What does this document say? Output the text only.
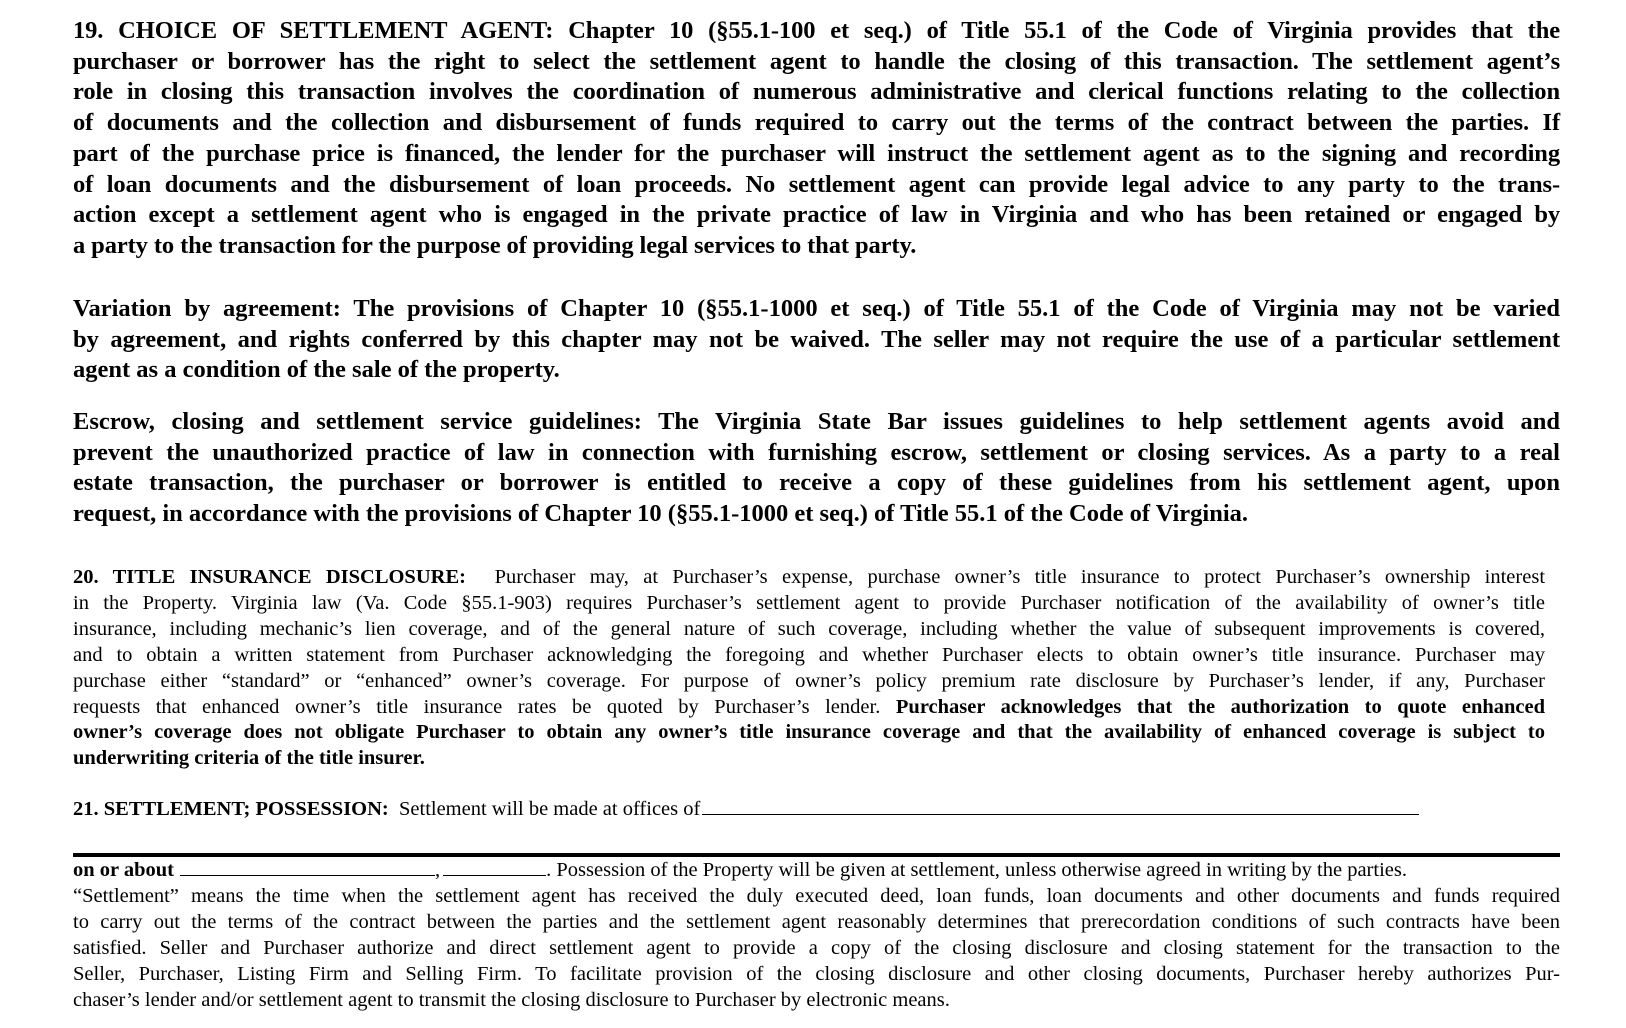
19. CHOICE OF SETTLEMENT AGENT: Chapter 10 (§55.1-100 et seq.) of Title 55.1 of the Code of Virginia provides that the
purchaser or borrower has the right to select the settlement agent to handle the closing of this transaction. The settlement agent’s
role in closing this transaction involves the coordination of numerous administrative and clerical functions relating to the collection
of documents and the collection and disbursement of funds required to carry out the terms of the contract between the parties. If
part of the purchase price is financed, the lender for the purchaser will instruct the settlement agent as to the signing and recording
of loan documents and the disbursement of loan proceeds. No settlement agent can provide legal advice to any party to the trans-
action except a settlement agent who is engaged in the private practice of law in Virginia and who has been retained or engaged by
a party to the transaction for the purpose of providing legal services to that party.
Variation by agreement: The provisions of Chapter 10 (§55.1-1000 et seq.) of Title 55.1 of the Code of Virginia may not be varied
by agreement, and rights conferred by this chapter may not be waived. The seller may not require the use of a particular settlement
agent as a condition of the sale of the property.
Escrow, closing and settlement service guidelines: The Virginia State Bar issues guidelines to help settlement agents avoid and
prevent the unauthorized practice of law in connection with furnishing escrow, settlement or closing services. As a party to a real
estate transaction, the purchaser or borrower is entitled to receive a copy of these guidelines from his settlement agent, upon
request, in accordance with the provisions of Chapter 10 (§55.1-1000 et seq.) of Title 55.1 of the Code of Virginia.
20. TITLE INSURANCE DISCLOSURE: Purchaser may, at Purchaser’s expense, purchase owner’s title insurance to protect Purchaser’s ownership interest
in the Property. Virginia law (Va. Code §55.1-903) requires Purchaser’s settlement agent to provide Purchaser notification of the availability of owner’s title
insurance, including mechanic’s lien coverage, and of the general nature of such coverage, including whether the value of subsequent improvements is covered,
and to obtain a written statement from Purchaser acknowledging the foregoing and whether Purchaser elects to obtain owner’s title insurance. Purchaser may
purchase either “standard” or “enhanced” owner’s coverage. For purpose of owner’s policy premium rate disclosure by Purchaser’s lender, if any, Purchaser
requests that enhanced owner’s title insurance rates be quoted by Purchaser’s lender. Purchaser acknowledges that the authorization to quote enhanced
owner’s coverage does not obligate Purchaser to obtain any owner’s title insurance coverage and that the availability of enhanced coverage is subject to
underwriting criteria of the title insurer.
21. SETTLEMENT; POSSESSION: Settlement will be made at offices of
on or about	,	. Possession of the Property will be given at settlement, unless otherwise agreed in writing by the parties.
“Settlement” means the time when the settlement agent has received the duly executed deed, loan funds, loan documents and other documents and funds required
to carry out the terms of the contract between the parties and the settlement agent reasonably determines that prerecordation conditions of such contracts have been
satisfied. Seller and Purchaser authorize and direct settlement agent to provide a copy of the closing disclosure and closing statement for the transaction to the
Seller, Purchaser, Listing Firm and Selling Firm. To facilitate provision of the closing disclosure and other closing documents, Purchaser hereby authorizes Pur-
chaser’s lender and/or settlement agent to transmit the closing disclosure to Purchaser by electronic means.
